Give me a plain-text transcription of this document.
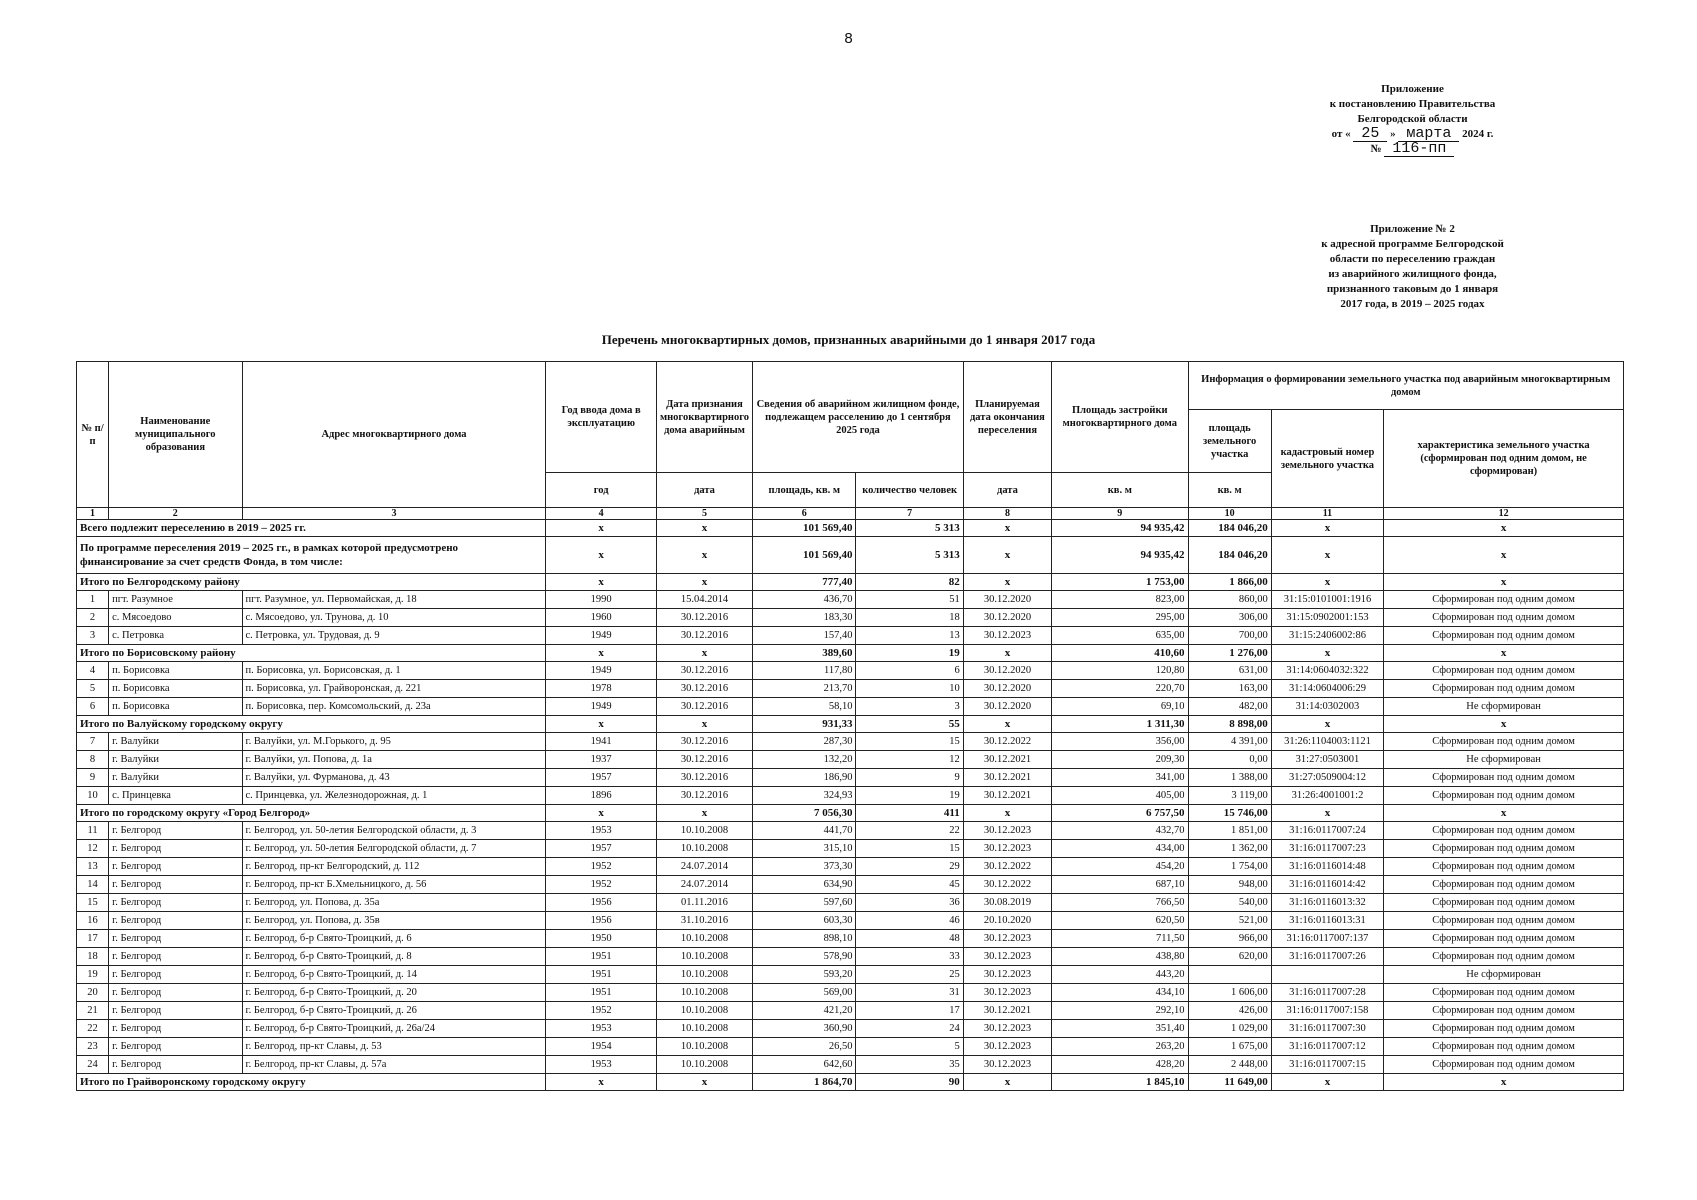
8
Приложение
к постановлению Правительства
Белгородской области
от « 25 » марта 2024 г.
№ 116-пп
Приложение № 2
к адресной программе Белгородской
области по переселению граждан
из аварийного жилищного фонда,
признанного таковым до 1 января
2017 года, в 2019 – 2025 годах
Перечень многоквартирных домов, признанных аварийными до 1 января 2017 года
№ п/п	Наименование муниципального образования	Адрес многоквартирного дома	Год ввода дома в эксплуатацию	Дата признания многоквартирного дома аварийным	Сведения об аварийном жилищном фонде, подлежащем расселению до 1 сентября 2025 года		Планируемая дата окончания переселения	Площадь застройки многоквартирного дома	Информация о формировании земельного участка под аварийным многоквартирным домом		
									площадь земельного участка	кадастровый номер земельного участка	характеристика земельного участка (сформирован под одним домом, не сформирован)
			год	дата	площадь, кв. м	количество человек	дата	кв. м	кв. м		
1	2	3	4	5	6	7	8	9	10	11	12
Всего подлежит переселению в 2019 – 2025 гг.			х	х	101 569,40	5 313	х	94 935,42	184 046,20	х	х
По программе переселения 2019 – 2025 гг., в рамках которой предусмотрено финансирование за счет средств Фонда, в том числе:			х	х	101 569,40	5 313	х	94 935,42	184 046,20	х	х
Итого по Белгородскому району			х	х	777,40	82	х	1 753,00	1 866,00	х	х
1	пгт. Разумное	пгт. Разумное, ул. Первомайская, д. 18	1990	15.04.2014	436,70	51	30.12.2020	823,00	860,00	31:15:0101001:1916	Сформирован под одним домом
2	с. Мясоедово	с. Мясоедово, ул. Трунова, д. 10	1960	30.12.2016	183,30	18	30.12.2020	295,00	306,00	31:15:0902001:153	Сформирован под одним домом
3	с. Петровка	с. Петровка, ул. Трудовая, д. 9	1949	30.12.2016	157,40	13	30.12.2023	635,00	700,00	31:15:2406002:86	Сформирован под одним домом
Итого по Борисовскому району			х	х	389,60	19	х	410,60	1 276,00	х	х
4	п. Борисовка	п. Борисовка, ул. Борисовская, д. 1	1949	30.12.2016	117,80	6	30.12.2020	120,80	631,00	31:14:0604032:322	Сформирован под одним домом
5	п. Борисовка	п. Борисовка, ул. Грайворонская, д. 221	1978	30.12.2016	213,70	10	30.12.2020	220,70	163,00	31:14:0604006:29	Сформирован под одним домом
6	п. Борисовка	п. Борисовка, пер. Комсомольский, д. 23а	1949	30.12.2016	58,10	3	30.12.2020	69,10	482,00	31:14:0302003	Не сформирован
Итого по Валуйскому городскому округу			х	х	931,33	55	х	1 311,30	8 898,00	х	х
7	г. Валуйки	г. Валуйки, ул. М.Горького, д. 95	1941	30.12.2016	287,30	15	30.12.2022	356,00	4 391,00	31:26:1104003:1121	Сформирован под одним домом
8	г. Валуйки	г. Валуйки, ул. Попова, д. 1а	1937	30.12.2016	132,20	12	30.12.2021	209,30	0,00	31:27:0503001	Не сформирован
9	г. Валуйки	г. Валуйки, ул. Фурманова, д. 43	1957	30.12.2016	186,90	9	30.12.2021	341,00	1 388,00	31:27:0509004:12	Сформирован под одним домом
10	с. Принцевка	с. Принцевка, ул. Железнодорожная, д. 1	1896	30.12.2016	324,93	19	30.12.2021	405,00	3 119,00	31:26:4001001:2	Сформирован под одним домом
Итого по городскому округу «Город Белгород»			х	х	7 056,30	411	х	6 757,50	15 746,00	х	х
11	г. Белгород	г. Белгород, ул. 50-летия Белгородской области, д. 3	1953	10.10.2008	441,70	22	30.12.2023	432,70	1 851,00	31:16:0117007:24	Сформирован под одним домом
12	г. Белгород	г. Белгород, ул. 50-летия Белгородской области, д. 7	1957	10.10.2008	315,10	15	30.12.2023	434,00	1 362,00	31:16:0117007:23	Сформирован под одним домом
13	г. Белгород	г. Белгород, пр-кт Белгородский, д. 112	1952	24.07.2014	373,30	29	30.12.2022	454,20	1 754,00	31:16:0116014:48	Сформирован под одним домом
14	г. Белгород	г. Белгород, пр-кт Б.Хмельницкого, д. 56	1952	24.07.2014	634,90	45	30.12.2022	687,10	948,00	31:16:0116014:42	Сформирован под одним домом
15	г. Белгород	г. Белгород, ул. Попова, д. 35а	1956	01.11.2016	597,60	36	30.08.2019	766,50	540,00	31:16:0116013:32	Сформирован под одним домом
16	г. Белгород	г. Белгород, ул. Попова, д. 35в	1956	31.10.2016	603,30	46	20.10.2020	620,50	521,00	31:16:0116013:31	Сформирован под одним домом
17	г. Белгород	г. Белгород, б-р Свято-Троицкий, д. 6	1950	10.10.2008	898,10	48	30.12.2023	711,50	966,00	31:16:0117007:137	Сформирован под одним домом
18	г. Белгород	г. Белгород, б-р Свято-Троицкий, д. 8	1951	10.10.2008	578,90	33	30.12.2023	438,80	620,00	31:16:0117007:26	Сформирован под одним домом
19	г. Белгород	г. Белгород, б-р Свято-Троицкий, д. 14	1951	10.10.2008	593,20	25	30.12.2023	443,20			Не сформирован
20	г. Белгород	г. Белгород, б-р Свято-Троицкий, д. 20	1951	10.10.2008	569,00	31	30.12.2023	434,10	1 606,00	31:16:0117007:28	Сформирован под одним домом
21	г. Белгород	г. Белгород, б-р Свято-Троицкий, д. 26	1952	10.10.2008	421,20	17	30.12.2021	292,10	426,00	31:16:0117007:158	Сформирован под одним домом
22	г. Белгород	г. Белгород, б-р Свято-Троицкий, д. 26а/24	1953	10.10.2008	360,90	24	30.12.2023	351,40	1 029,00	31:16:0117007:30	Сформирован под одним домом
23	г. Белгород	г. Белгород, пр-кт Славы, д. 53	1954	10.10.2008	26,50	5	30.12.2023	263,20	1 675,00	31:16:0117007:12	Сформирован под одним домом
24	г. Белгород	г. Белгород, пр-кт Славы, д. 57а	1953	10.10.2008	642,60	35	30.12.2023	428,20	2 448,00	31:16:0117007:15	Сформирован под одним домом
Итого по Грайворонскому городскому округу			х	х	1 864,70	90	х	1 845,10	11 649,00	х	х
